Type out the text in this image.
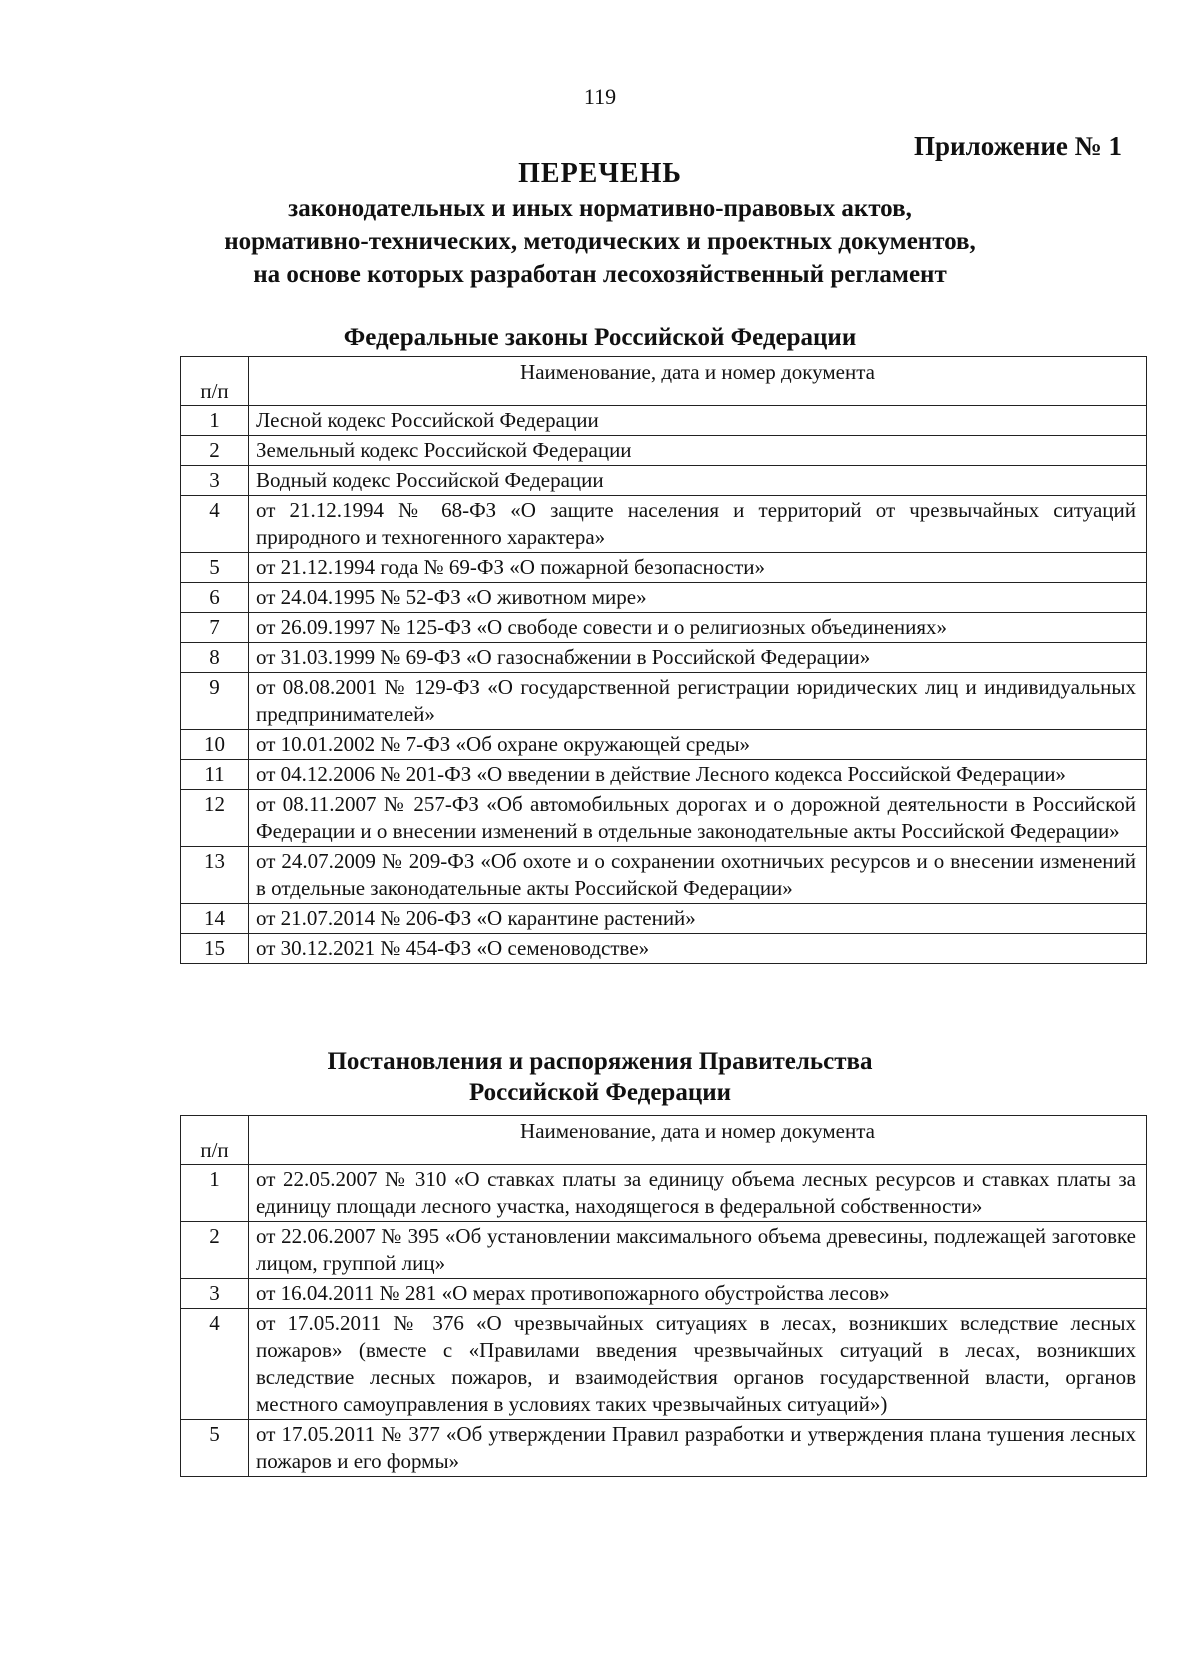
119
Приложение № 1
ПЕРЕЧЕНЬ
законодательных и иных нормативно-правовых актов,
нормативно-технических, методических и проектных документов,
на основе которых разработан лесохозяйственный регламент
Федеральные законы Российской Федерации
п/п	Наименование, дата и номер документа
1	Лесной кодекс Российской Федерации
2	Земельный кодекс Российской Федерации
3	Водный кодекс Российской Федерации
4	от 21.12.1994 № 68-ФЗ «О защите населения и территорий от чрезвычайных ситуаций природного и техногенного характера»
5	от 21.12.1994 года № 69-ФЗ «О пожарной безопасности»
6	от 24.04.1995 № 52-ФЗ «О животном мире»
7	от 26.09.1997 № 125-ФЗ «О свободе совести и о религиозных объединениях»
8	от 31.03.1999 № 69-ФЗ «О газоснабжении в Российской Федерации»
9	от 08.08.2001 № 129-ФЗ «О государственной регистрации юридических лиц и индивидуальных предпринимателей»
10	от 10.01.2002 № 7-ФЗ «Об охране окружающей среды»
11	от 04.12.2006 № 201-ФЗ «О введении в действие Лесного кодекса Российской Федерации»
12	от 08.11.2007 № 257-ФЗ «Об автомобильных дорогах и о дорожной деятельности в Российской Федерации и о внесении изменений в отдельные законодательные акты Российской Федерации»
13	от 24.07.2009 № 209-ФЗ «Об охоте и о сохранении охотничьих ресурсов и о внесении изменений в отдельные законодательные акты Российской Федерации»
14	от 21.07.2014 № 206-ФЗ «О карантине растений»
15	от 30.12.2021 № 454-ФЗ «О семеноводстве»
Постановления и распоряжения Правительства
Российской Федерации
п/п	Наименование, дата и номер документа
1	от 22.05.2007 № 310 «О ставках платы за единицу объема лесных ресурсов и ставках платы за единицу площади лесного участка, находящегося в федеральной собственности»
2	от 22.06.2007 № 395 «Об установлении максимального объема древесины, подлежащей заготовке лицом, группой лиц»
3	от 16.04.2011 № 281 «О мерах противопожарного обустройства лесов»
4	от 17.05.2011 № 376 «О чрезвычайных ситуациях в лесах, возникших вследствие лесных пожаров» (вместе с «Правилами введения чрезвычайных ситуаций в лесах, возникших вследствие лесных пожаров, и взаимодействия органов государственной власти, органов местного самоуправления в условиях таких чрезвычайных ситуаций»)
5	от 17.05.2011 № 377 «Об утверждении Правил разработки и утверждения плана тушения лесных пожаров и его формы»
